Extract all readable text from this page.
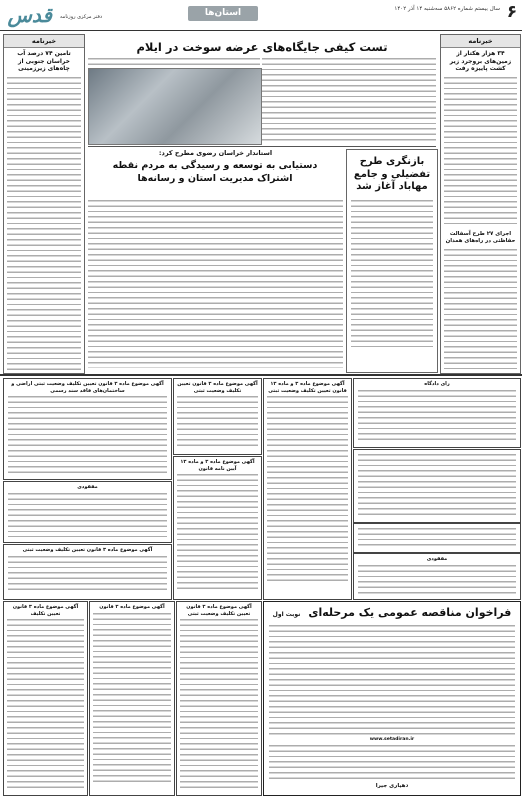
۶
استان‌ها	سال بیستم شماره ۵۸۶۲ سه‌شنبه ۱۴ آذر ۱۴۰۲
دفتر مرکزی روزنامه
قدس
خبرنامه
۳۴ هزار هکتار از زمین‌های بروجرد زیر کشت پاییزه رفت
اجرای ۲۷ طرح آسفالت حفاظتی در راه‌های همدان
خبرنامه
تامین ۷۴ درصد آب خراسان جنوبی از چاه‌های زیرزمینی
تست کیفی جایگاه‌های عرضه سوخت در ایلام
استاندار خراسان رضوی مطرح کرد:
دستیابی به توسعه و رسیدگی به مردم نقطه اشتراک مدیریت استان و رسانه‌ها
بازنگری طرح تفضیلی و جامع مهاباد آغاز شد
رای دادگاه
مفقودی
آگهی موضوع ماده ۳ و ماده ۱۳ قانون تعیین تکلیف وضعیت ثبتی
آگهی موضوع ماده ۳ قانون تعیین تکلیف وضعیت ثبتی
آگهی موضوع ماده ۳ و ماده ۱۳ آیین نامه قانون
آگهی موضوع ماده ۳ قانون تعیین تکلیف وضعیت ثبتی اراضی و ساختمان‌های فاقد سند رسمی
مفقودی
آگهی موضوع ماده ۳ قانون تعیین تکلیف وضعیت ثبتی
آگهی موضوع ماده ۳ قانون تعیین تکلیف
آگهی موضوع ماده ۳ قانون	آگهی موضوع ماده ۳ قانون تعیین تکلیف وضعیت ثبتی	فراخوان مناقصه عمومی یک مرحله‌ای
نوبت اول
www.setadiran.ir
دهیاری جیرا
